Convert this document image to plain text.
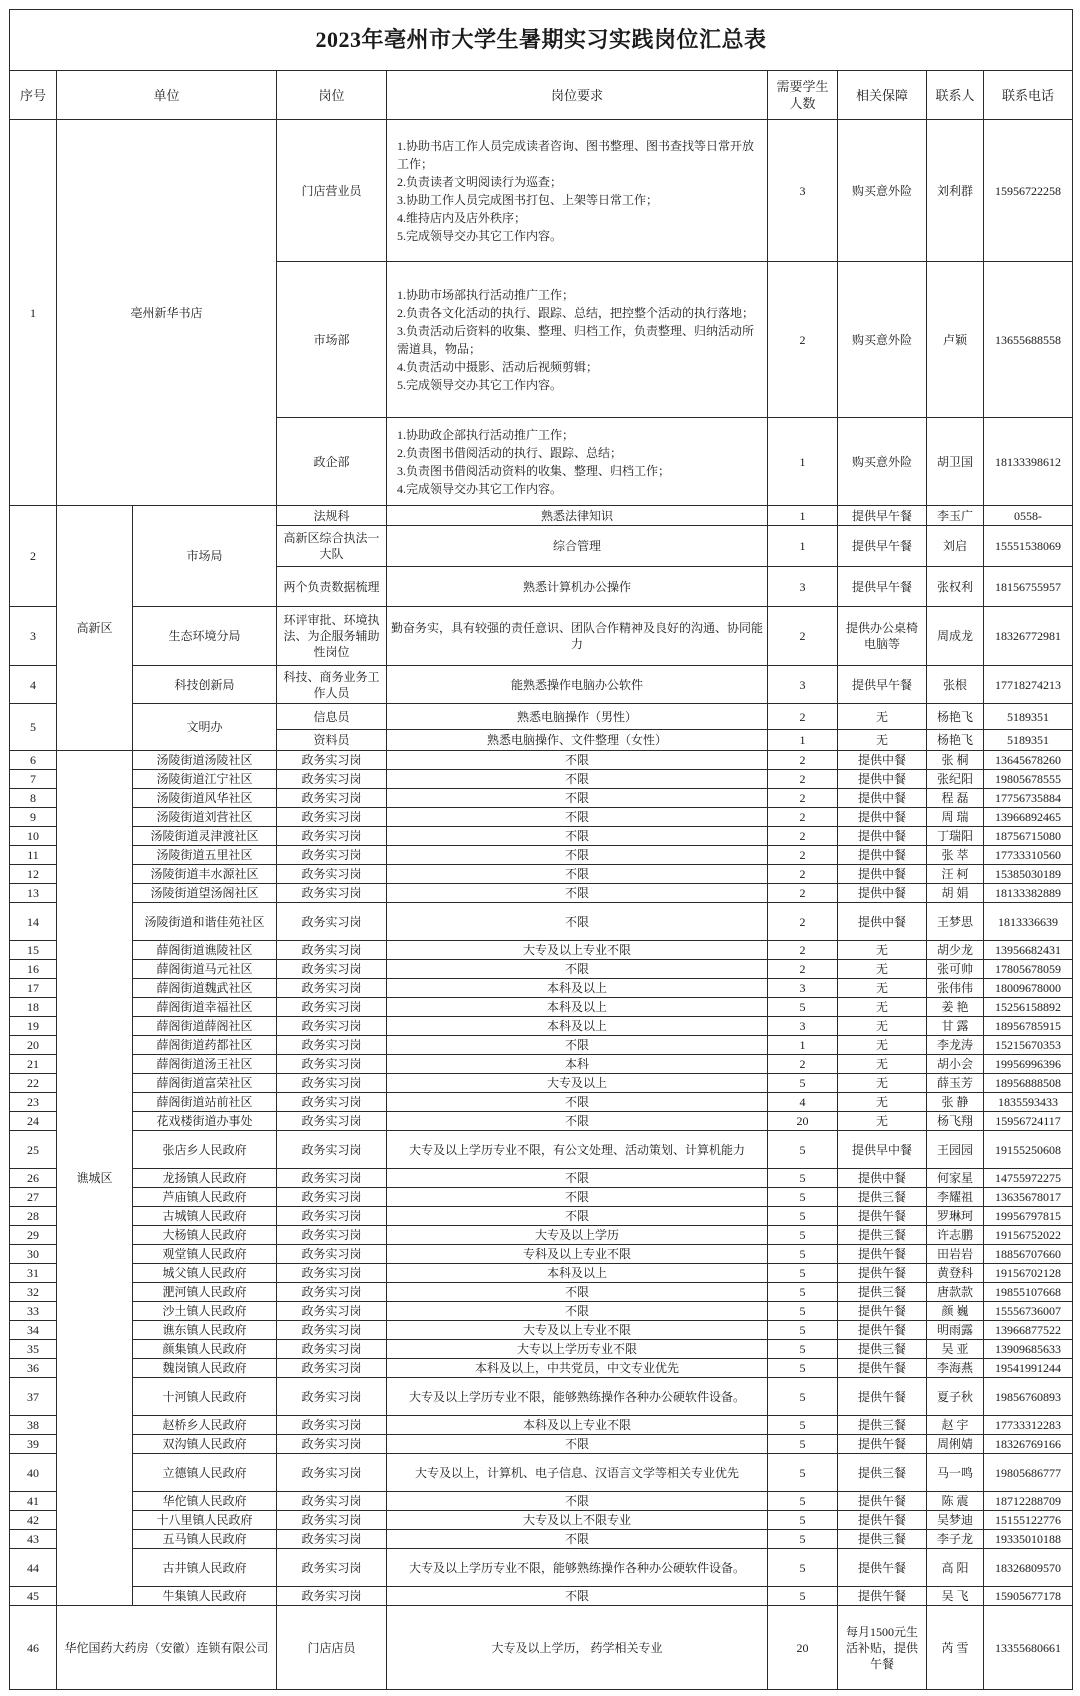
2023年亳州市大学生暑期实习实践岗位汇总表								
序号	单位		岗位	岗位要求	需要学生人数	相关保障	联系人	联系电话
1	亳州新华书店		门店营业员	1.协助书店工作人员完成读者咨询、图书整理、图书查找等日常开放工作；
2.负责读者文明阅读行为巡查；
3.协助工作人员完成图书打包、上架等日常工作；
4.维持店内及店外秩序；
5.完成领导交办其它工作内容。	3	购买意外险	刘利群	15956722258
			市场部	1.协助市场部执行活动推广工作；
2.负责各文化活动的执行、跟踪、总结，把控整个活动的执行落地；
3.负责活动后资料的收集、整理、归档工作，负责整理、归纳活动所需道具，物品；
4.负责活动中摄影、活动后视频剪辑；
5.完成领导交办其它工作内容。	2	购买意外险	卢颖	13655688558
			政企部	1.协助政企部执行活动推广工作；
2.负责图书借阅活动的执行、跟踪、总结；
3.负责图书借阅活动资料的收集、整理、归档工作；
4.完成领导交办其它工作内容。	1	购买意外险	胡卫国	18133398612
2	高新区	市场局	法规科	熟悉法律知识	1	提供早午餐	李玉广	0558-
			高新区综合执法一大队	综合管理	1	提供早午餐	刘启	15551538069
			两个负责数据梳理	熟悉计算机办公操作	3	提供早午餐	张权利	18156755957
3		生态环境分局	环评审批、环境执法、为企服务辅助性岗位	勤奋务实，具有较强的责任意识、团队合作精神及良好的沟通、协同能力	2	提供办公桌椅电脑等	周成龙	18326772981
4		科技创新局	科技、商务业务工作人员	能熟悉操作电脑办公软件	3	提供早午餐	张根	17718274213
5		文明办	信息员	熟悉电脑操作（男性）	2	无	杨艳飞	5189351
			资料员	熟悉电脑操作、文件整理（女性）	1	无	杨艳飞	5189351
6	谯城区	汤陵街道汤陵社区	政务实习岗	不限	2	提供中餐	张 桐	13645678260
7		汤陵街道江宁社区	政务实习岗	不限	2	提供中餐	张纪阳	19805678555
8		汤陵街道风华社区	政务实习岗	不限	2	提供中餐	程 磊	17756735884
9		汤陵街道刘营社区	政务实习岗	不限	2	提供中餐	周 瑞	13966892465
10		汤陵街道灵津渡社区	政务实习岗	不限	2	提供中餐	丁瑞阳	18756715080
11		汤陵街道五里社区	政务实习岗	不限	2	提供中餐	张 萃	17733310560
12		汤陵街道丰水源社区	政务实习岗	不限	2	提供中餐	汪 柯	15385030189
13		汤陵街道望汤阁社区	政务实习岗	不限	2	提供中餐	胡 娟	18133382889
14		汤陵街道和谐佳苑社区	政务实习岗	不限	2	提供中餐	王梦思	1813336639
15		薛阁街道谯陵社区	政务实习岗	大专及以上专业不限	2	无	胡少龙	13956682431
16		薛阁街道马元社区	政务实习岗	不限	2	无	张可帅	17805678059
17		薛阁街道魏武社区	政务实习岗	本科及以上	3	无	张伟伟	18009678000
18		薛阁街道幸福社区	政务实习岗	本科及以上	5	无	姜 艳	15256158892
19		薛阁街道薛阁社区	政务实习岗	本科及以上	3	无	甘 露	18956785915
20		薛阁街道药都社区	政务实习岗	不限	1	无	李龙涛	15215670353
21		薛阁街道汤王社区	政务实习岗	本科	2	无	胡小会	19956996396
22		薛阁街道富荣社区	政务实习岗	大专及以上	5	无	薛玉芳	18956888508
23		薛阁街道站前社区	政务实习岗	不限	4	无	张 静	1835593433
24		花戏楼街道办事处	政务实习岗	不限	20	无	杨飞翔	15956724117
25		张店乡人民政府	政务实习岗	大专及以上学历专业不限，有公文处理、活动策划、计算机能力	5	提供早中餐	王园园	19155250608
26		龙扬镇人民政府	政务实习岗	不限	5	提供中餐	何家星	14755972275
27		芦庙镇人民政府	政务实习岗	不限	5	提供三餐	李耀祖	13635678017
28		古城镇人民政府	政务实习岗	不限	5	提供午餐	罗琳珂	19956797815
29		大杨镇人民政府	政务实习岗	大专及以上学历	5	提供三餐	许志鹏	19156752022
30		观堂镇人民政府	政务实习岗	专科及以上专业不限	5	提供午餐	田岩岩	18856707660
31		城父镇人民政府	政务实习岗	本科及以上	5	提供午餐	黄登科	19156702128
32		淝河镇人民政府	政务实习岗	不限	5	提供三餐	唐款款	19855107668
33		沙土镇人民政府	政务实习岗	不限	5	提供午餐	颜 巍	15556736007
34		谯东镇人民政府	政务实习岗	大专及以上专业不限	5	提供午餐	明雨露	13966877522
35		颜集镇人民政府	政务实习岗	大专以上学历专业不限	5	提供三餐	吴 亚	13909685633
36		魏岗镇人民政府	政务实习岗	本科及以上，中共党员，中文专业优先	5	提供午餐	李海燕	19541991244
37		十河镇人民政府	政务实习岗	大专及以上学历专业不限，能够熟练操作各种办公硬软件设备。	5	提供午餐	夏子秋	19856760893
38		赵桥乡人民政府	政务实习岗	本科及以上专业不限	5	提供三餐	赵 宇	17733312283
39		双沟镇人民政府	政务实习岗	不限	5	提供午餐	周俐婧	18326769166
40		立德镇人民政府	政务实习岗	大专及以上，计算机、电子信息、汉语言文学等相关专业优先	5	提供三餐	马一鸣	19805686777
41		华佗镇人民政府	政务实习岗	不限	5	提供午餐	陈 震	18712288709
42		十八里镇人民政府	政务实习岗	大专及以上不限专业	5	提供午餐	吴梦迪	15155122776
43		五马镇人民政府	政务实习岗	不限	5	提供三餐	李子龙	19335010188
44		古井镇人民政府	政务实习岗	大专及以上学历专业不限，能够熟练操作各种办公硬软件设备。	5	提供午餐	高 阳	18326809570
45		牛集镇人民政府	政务实习岗	不限	5	提供午餐	吴 飞	15905677178
46	华佗国药大药房（安徽）连锁有限公司		门店店员	大专及以上学历， 药学相关专业	20	每月1500元生活补贴，提供午餐	芮 雪	13355680661
